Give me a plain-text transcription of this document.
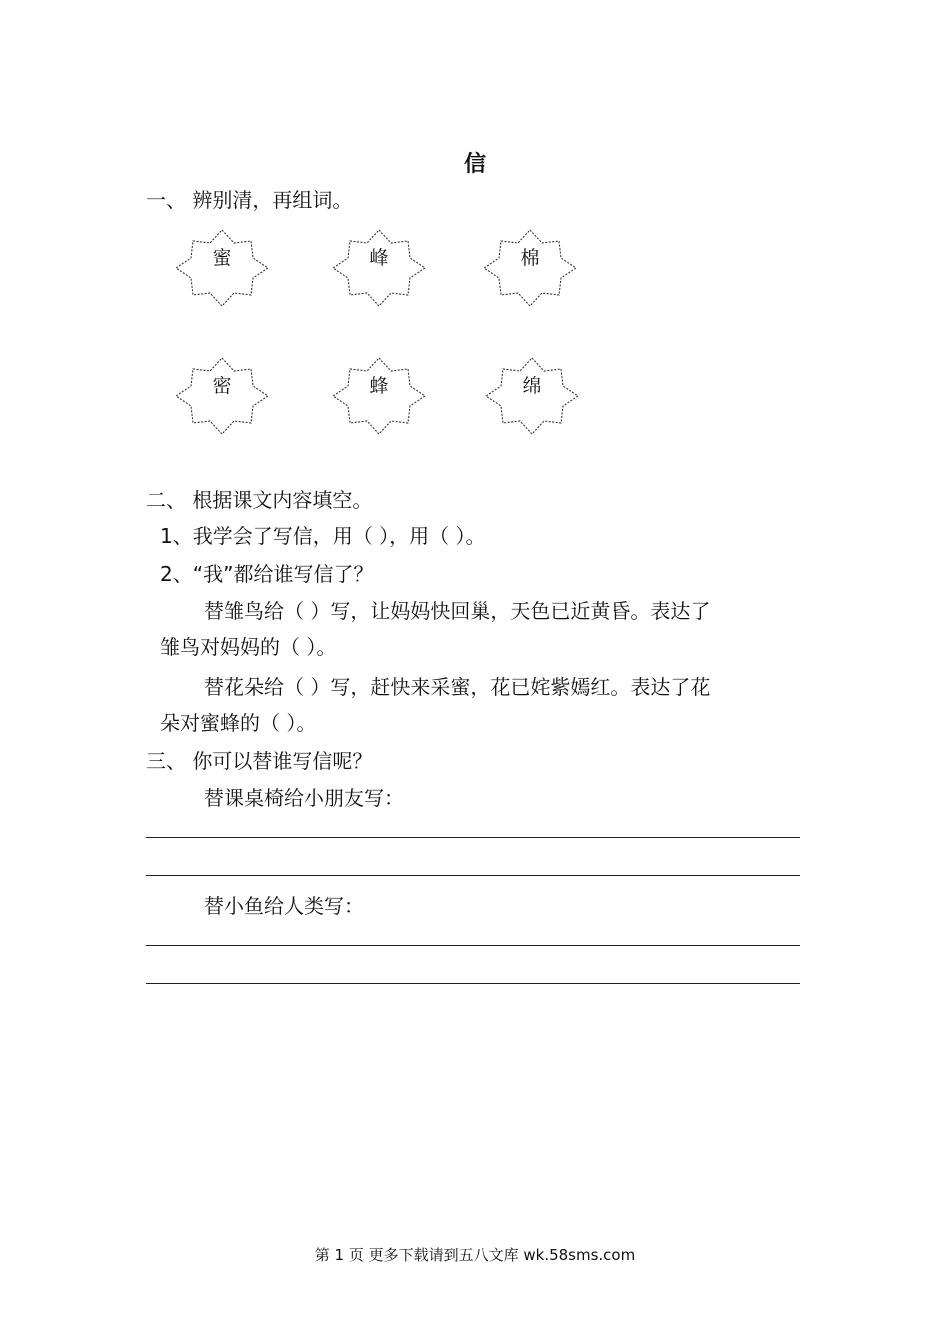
信
一、 辨别清，再组词。
蜜	峰	棉
密	蜂	绵
二、 根据课文内容填空。
1、我学会了写信，用（ ），用（ ）。
2、“我”都给谁写信了？
替雏鸟给（ ）写，让妈妈快回巢，天色已近黄昏。表达了
雏鸟对妈妈的（ ）。
替花朵给（ ）写，赶快来采蜜，花已姹紫嫣红。表达了花
朵对蜜蜂的（ ）。
三、 你可以替谁写信呢？
替课桌椅给小朋友写：
替小鱼给人类写：
第 1 页 更多下载请到五八文库 wk.58sms.com
